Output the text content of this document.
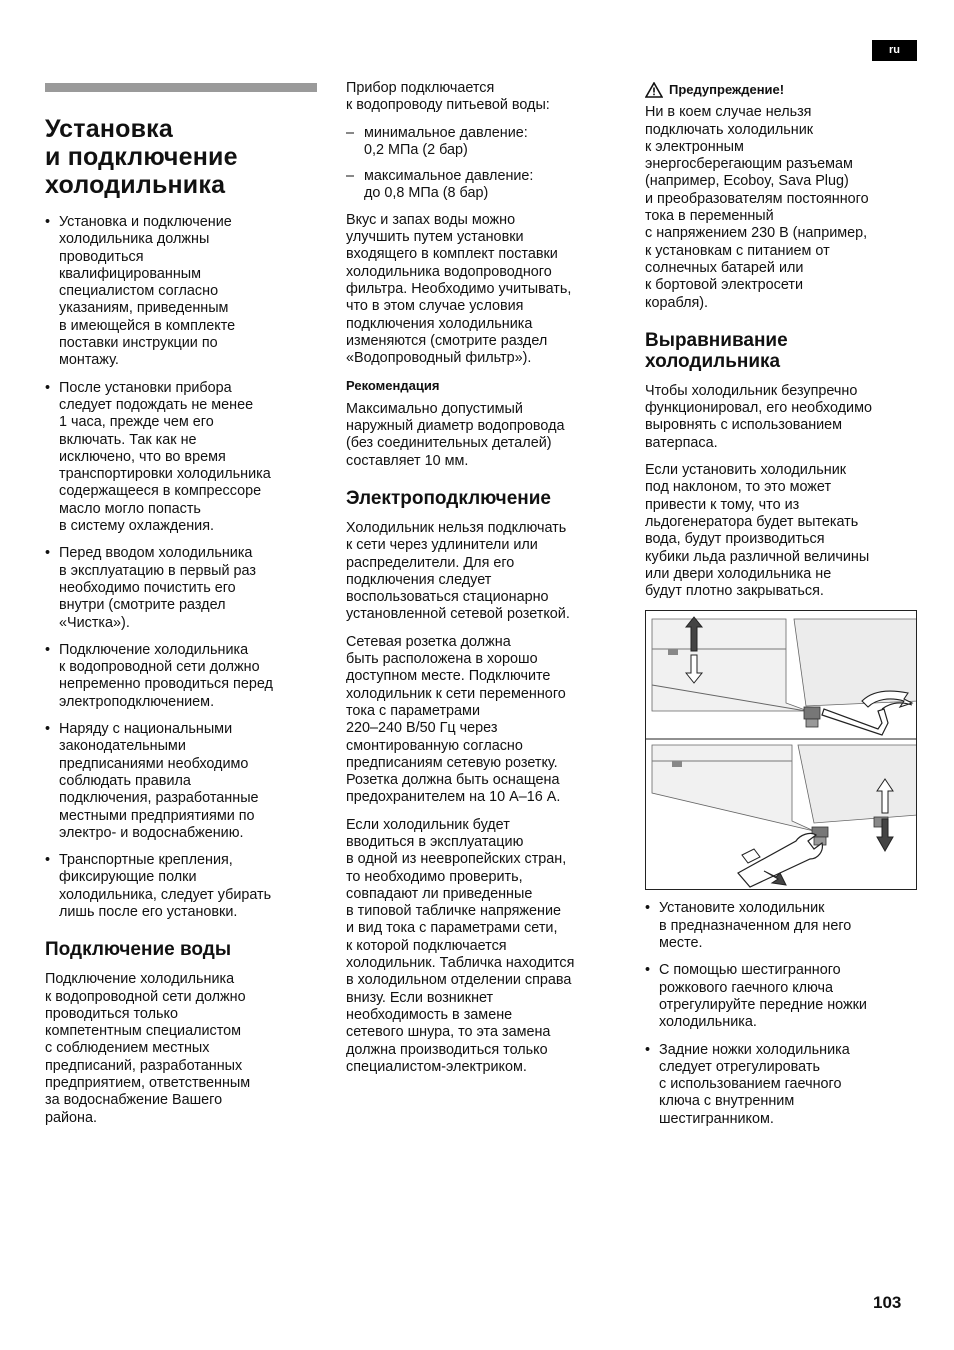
ru
Установка
и подключение
холодильника
• Установка и подключение
холодильника должны
проводиться
квалифицированным
специалистом согласно
указаниям, приведенным
в имеющейся в комплекте
поставки инструкции по
монтажу.
• После установки прибора
следует подождать не менее
1 часа, прежде чем его
включать. Так как не
исключено, что во время
транспортировки холодильника
содержащееся в компрессоре
масло могло попасть
в систему охлаждения.
• Перед вводом холодильника
в эксплуатацию в первый раз
необходимо почистить его
внутри (смотрите раздел
«Чистка»).
• Подключение холодильника
к водопроводной сети должно
непременно проводиться перед
электроподключением.
• Наряду с национальными
законодательными
предписаниями необходимо
соблюдать правила
подключения, разработанные
местными предприятиями по
электро- и водоснабжению.
• Транспортные крепления,
фиксирующие полки
холодильника, следует убирать
лишь после его установки.
Подключение воды

Подключение холодильника
к водопроводной сети должно
проводиться только
компетентным специалистом
с соблюдением местных
предписаний, разработанных
предприятием, ответственным
за водоснабжение Вашего
района.

Прибор подключается
к водопроводу питьевой воды:

– минимальное давление:
0,2 МПа (2 бар)
– максимальное давление:
до 0,8 МПа (8 бар)

Вкус и запах воды можно
улучшить путем установки
входящего в комплект поставки
холодильника водопроводного
фильтра. Необходимо учитывать,
что в этом случае условия
подключения холодильника
изменяются (смотрите раздел
«Водопроводный фильтр»).

Рекомендация

Максимально допустимый
наружный диаметр водопровода
(без соединительных деталей)
составляет 10 мм.

Электроподключение

Холодильник нельзя подключать
к сети через удлинители или
распределители. Для его
подключения следует
воспользоваться стационарно
установленной сетевой розеткой.

Сетевая розетка должна
быть расположена в хорошо
доступном месте. Подключите
холодильник к сети переменного
тока с параметрами
220–240 В/50 Гц через
смонтированную согласно
предписаниям сетевую розетку.
Розетка должна быть оснащена
предохранителем на 10 А–16 А.

Если холодильник будет
вводиться в эксплуатацию
в одной из неевропейских стран,
то необходимо проверить,
совпадают ли приведенные
в типовой табличке напряжение
и вид тока с параметрами сети,
к которой подключается
холодильник. Табличка находится
в холодильном отделении справа
внизу. Если возникнет
необходимость в замене
сетевого шнура, то эта замена
должна производиться только
специалистом-электриком.

Предупреждение!

Ни в коем случае нельзя
подключать холодильник
к электронным
энергосберегающим разъемам
(например, Ecoboy, Sava Plug)
и преобразователям постоянного
тока в переменный
с напряжением 230 В (например,
к установкам с питанием от
солнечных батарей или
к бортовой электросети
корабля).

Выравнивание
холодильника

Чтобы холодильник безупречно
функционировал, его необходимо
выровнять с использованием
ватерпаса.

Если установить холодильник
под наклоном, то это может
привести к тому, что из
льдогенератора будет вытекать
вода, будут производиться
кубики льда различной величины
или двери холодильника не
будут плотно закрываться.

• Установите холодильник
в предназначенном для него
месте.
• С помощью шестигранного
рожкового гаечного ключа
отрегулируйте передние ножки
холодильника.
• Задние ножки холодильника
следует отрегулировать
с использованием гаечного
ключа с внутренним
шестигранником.
103
